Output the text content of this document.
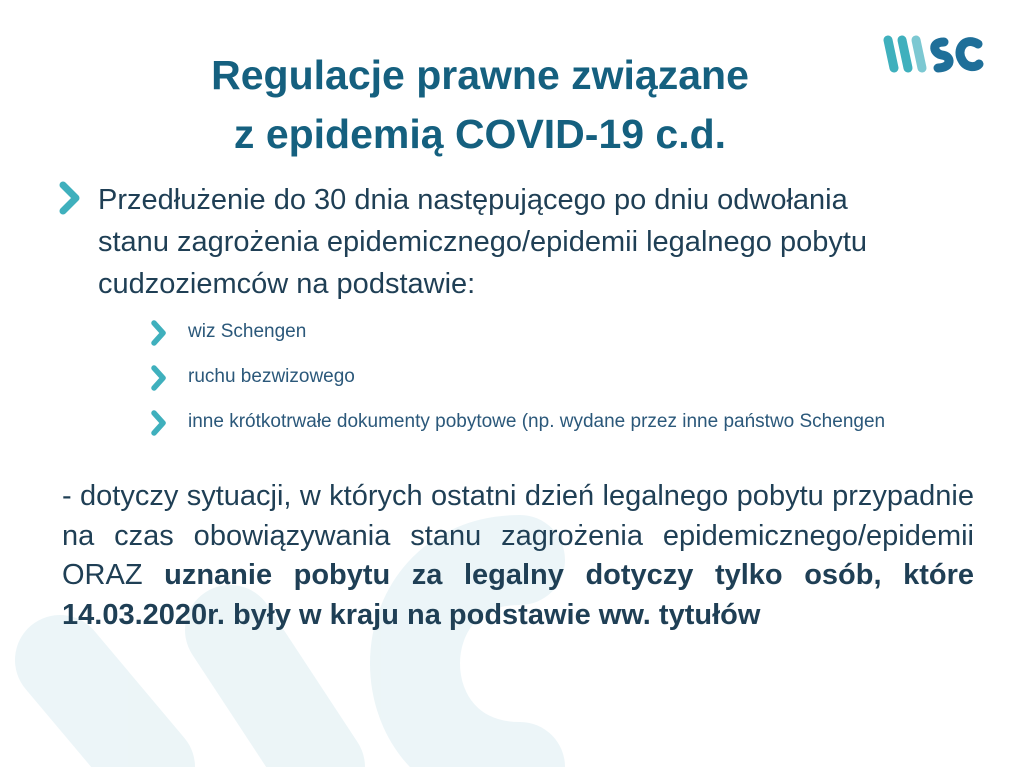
Regulacje prawne związane
z epidemią COVID-19 c.d.

Przedłużenie do 30 dnia następującego po dniu odwołania stanu zagrożenia epidemicznego/epidemii legalnego pobytu cudzoziemców na podstawie:

wiz Schengen
ruchu bezwizowego
inne krótkotrwałe dokumenty pobytowe (np. wydane przez inne państwo Schengen

- dotyczy sytuacji, w których ostatni dzień legalnego pobytu przypadnie na czas obowiązywania stanu zagrożenia epidemicznego/epidemii ORAZ uznanie pobytu za legalny dotyczy tylko osób, które 14.03.2020r. były w kraju na podstawie ww. tytułów
